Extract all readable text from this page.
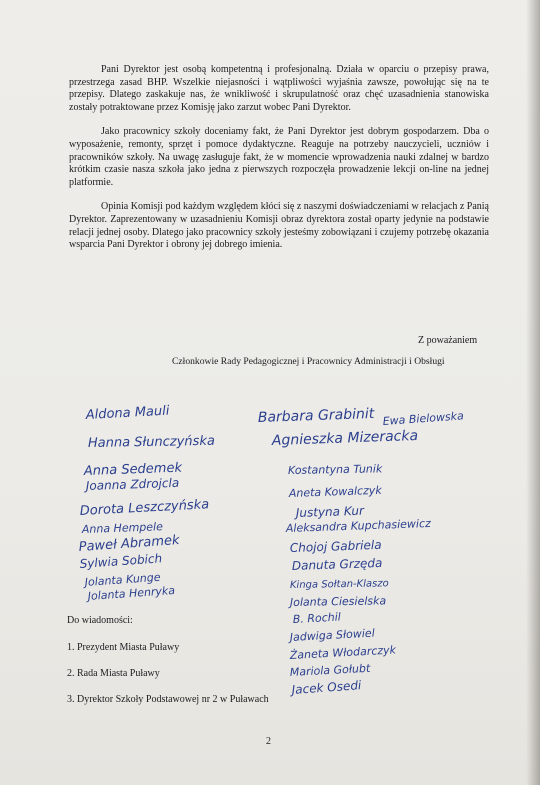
Pani Dyrektor jest osobą kompetentną i profesjonalną. Działa w oparciu o przepisy prawa, przestrzega zasad BHP. Wszelkie niejasności i wątpliwości wyjaśnia zawsze, powołując się na te przepisy. Dlatego zaskakuje nas, że wnikliwość i skrupulatność oraz chęć uzasadnienia stanowiska zostały potraktowane przez Komisję jako zarzut wobec Pani Dyrektor.

Jako pracownicy szkoły doceniamy fakt, że Pani Dyrektor jest dobrym gospodarzem. Dba o wyposażenie, remonty, sprzęt i pomoce dydaktyczne. Reaguje na potrzeby nauczycieli, uczniów i pracowników szkoły. Na uwagę zasługuje fakt, że w momencie wprowadzenia nauki zdalnej w bardzo krótkim czasie nasza szkoła jako jedna z pierwszych rozpoczęła prowadzenie lekcji on-line na jednej platformie.

Opinia Komisji pod każdym względem kłóci się z naszymi doświadczeniami w relacjach z Panią Dyrektor. Zaprezentowany w uzasadnieniu Komisji obraz dyrektora został oparty jedynie na podstawie relacji jednej osoby. Dlatego jako pracownicy szkoły jesteśmy zobowiązani i czujemy potrzebę okazania wsparcia Pani Dyrektor i obrony jej dobrego imienia.

Z poważaniem
Członkowie Rady Pedagogicznej i Pracownicy Administracji i Obsługi
Aldona Mauli	Barbara Grabinit Ewa Bielowska
Hanna Słunczyńska	Agnieszka Mizeracka
Anna Sedemek	Kostantyna Tunik
Joanna Zdrojcla	Aneta Kowalczyk
Dorota Leszczyńska	Justyna Kur
Anna Hempele	Aleksandra Kupchasiewicz
Paweł Abramek	Chojoj Gabriela
Sylwia Sobich	Danuta Grzęda
Jolanta Kunge	Kinga Sołtan-Klaszo
Jolanta Henryka	Jolanta Ciesielska
B. Rochil
Jadwiga Słowiel
Żaneta Włodarczyk
Mariola Gołubt
Jacek Osedi
Do wiadomości:
1. Prezydent Miasta Puławy
2. Rada Miasta Puławy
3. Dyrektor Szkoły Podstawowej nr 2 w Puławach
2
